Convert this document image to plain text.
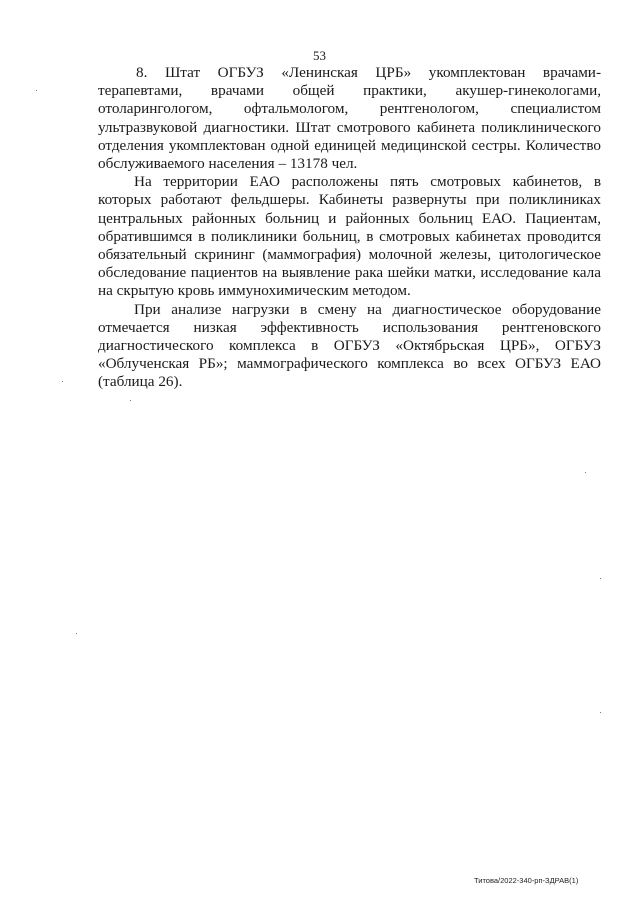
53

8. Штат ОГБУЗ «Ленинская ЦРБ» укомплектован врачами-терапевтами, врачами общей практики, акушер-гинекологами, отоларингологом, офтальмологом, рентгенологом, специалистом ультразвуковой диагностики. Штат смотрового кабинета поликлинического отделения укомплектован одной единицей медицинской сестры. Количество обслуживаемого населения – 13178 чел.

На территории ЕАО расположены пять смотровых кабинетов, в которых работают фельдшеры. Кабинеты развернуты при поликлиниках центральных районных больниц и районных больниц ЕАО. Пациентам, обратившимся в поликлиники больниц, в смотровых кабинетах проводится обязательный скрининг (маммография) молочной железы, цитологическое обследование пациентов на выявление рака шейки матки, исследование кала на скрытую кровь иммунохимическим методом.

При анализе нагрузки в смену на диагностическое оборудование отмечается низкая эффективность использования рентгеновского диагностического комплекса в ОГБУЗ «Октябрьская ЦРБ», ОГБУЗ «Облученская РБ»; маммографического комплекса во всех ОГБУЗ ЕАО (таблица 26).

Титова/2022-340-рп-ЗДРАВ(1)
